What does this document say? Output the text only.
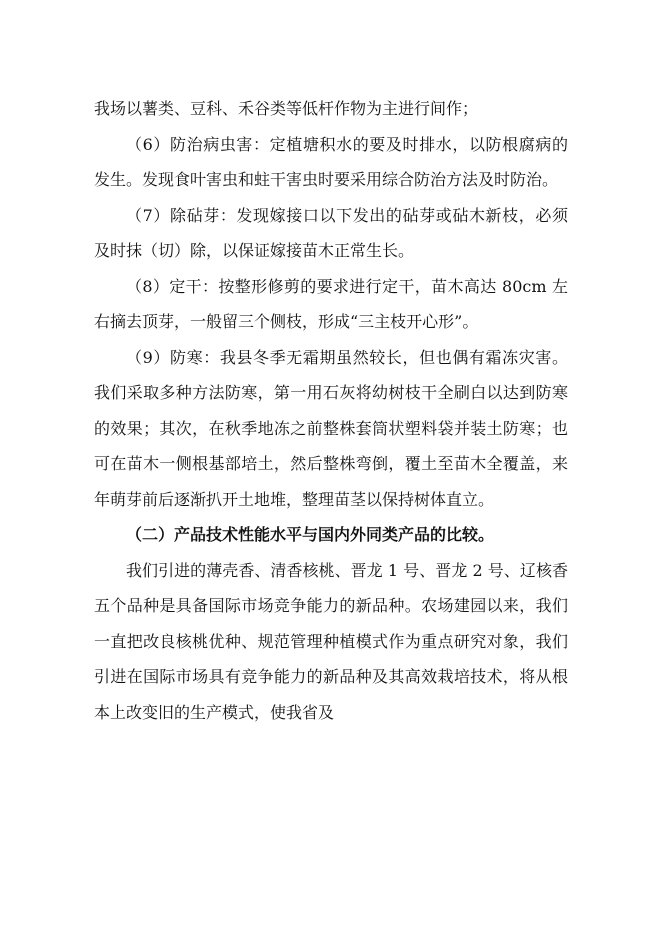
我场以薯类、豆科、禾谷类等低杆作物为主进行间作；

（6）防治病虫害：定植塘积水的要及时排水，以防根腐病的发生。发现食叶害虫和蛀干害虫时要采用综合防治方法及时防治。

（7）除砧芽：发现嫁接口以下发出的砧芽或砧木新枝，必须及时抹（切）除，以保证嫁接苗木正常生长。

（8）定干：按整形修剪的要求进行定干，苗木高达 80cm 左右摘去顶芽，一般留三个侧枝，形成“三主枝开心形”。

（9）防寒：我县冬季无霜期虽然较长，但也偶有霜冻灾害。我们采取多种方法防寒，第一用石灰将幼树枝干全刷白以达到防寒的效果；其次，在秋季地冻之前整株套筒状塑料袋并装土防寒；也可在苗木一侧根基部培土，然后整株弯倒，覆土至苗木全覆盖，来年萌芽前后逐渐扒开土地堆，整理苗茎以保持树体直立。

（二）产品技术性能水平与国内外同类产品的比较。

我们引进的薄壳香、清香核桃、晋龙 1 号、晋龙 2 号、辽核香五个品种是具备国际市场竞争能力的新品种。农场建园以来，我们一直把改良核桃优种、规范管理种植模式作为重点研究对象，我们引进在国际市场具有竞争能力的新品种及其高效栽培技术，将从根本上改变旧的生产模式，使我省及
